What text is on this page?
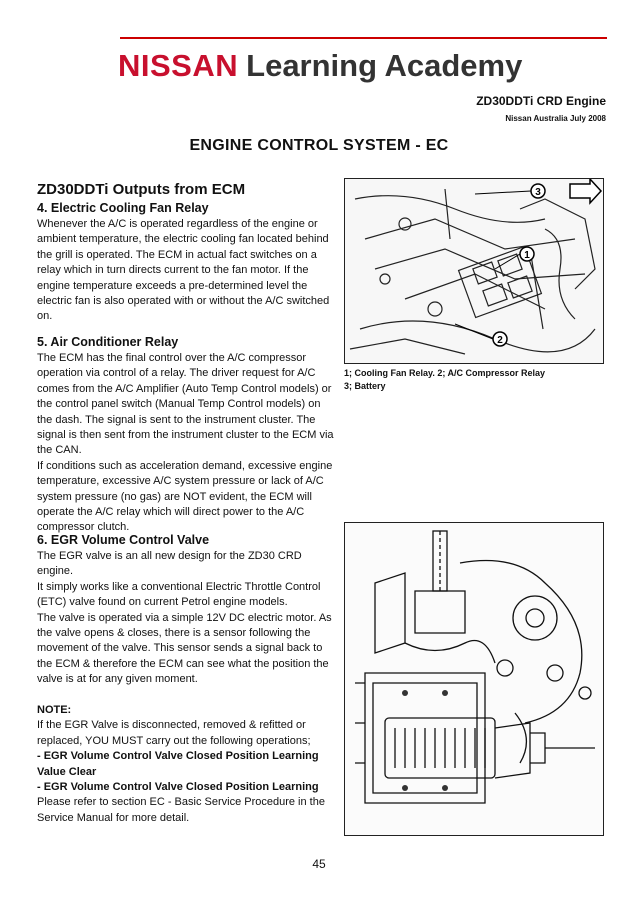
NISSAN Learning Academy
ZD30DDTi CRD Engine
Nissan Australia July 2008
ENGINE CONTROL SYSTEM - EC
ZD30DDTi Outputs from ECM
4. Electric Cooling Fan Relay

Whenever the A/C is operated regardless of the engine or ambient temperature, the electric cooling fan located behind the grill is operated. The ECM in actual fact switches on a relay which in turn directs current to the fan motor. If the engine temperature exceeds a pre-determined level the electric fan is also operated with or without the A/C switched on.

5. Air Conditioner Relay

The ECM has the final control over the A/C compressor operation via control of a relay. The driver request for A/C comes from the A/C Amplifier (Auto Temp Control models) or the control panel switch (Manual Temp Control models) on the dash. The signal is sent to the instrument cluster. The signal is then sent from the instrument cluster to the ECM via the CAN.

If conditions such as acceleration demand, excessive engine temperature, excessive A/C system pressure or lack of A/C system pressure (no gas) are NOT evident, the ECM will operate the A/C relay which will direct power to the A/C compressor clutch.

6. EGR Volume Control Valve

The EGR valve is an all new design for the ZD30 CRD engine.

It simply works like a conventional Electric Throttle Control (ETC) valve found on current Petrol engine models.

The valve is operated via a simple 12V DC electric motor. As the valve opens & closes, there is a sensor following the movement of the valve. This sensor sends a signal back to the ECM & therefore the ECM can see what the position the valve is at for any given moment.

NOTE:

If the EGR Valve is disconnected, removed & refitted or replaced, YOU MUST carry out the following operations;

- EGR Volume Control Valve Closed Position Learning Value Clear

- EGR Volume Control Valve Closed Position Learning

Please refer to section EC - Basic Service Procedure in the Service Manual for more detail.

3
1
2
1; Cooling Fan Relay. 2; A/C Compressor Relay
3; Battery
45
